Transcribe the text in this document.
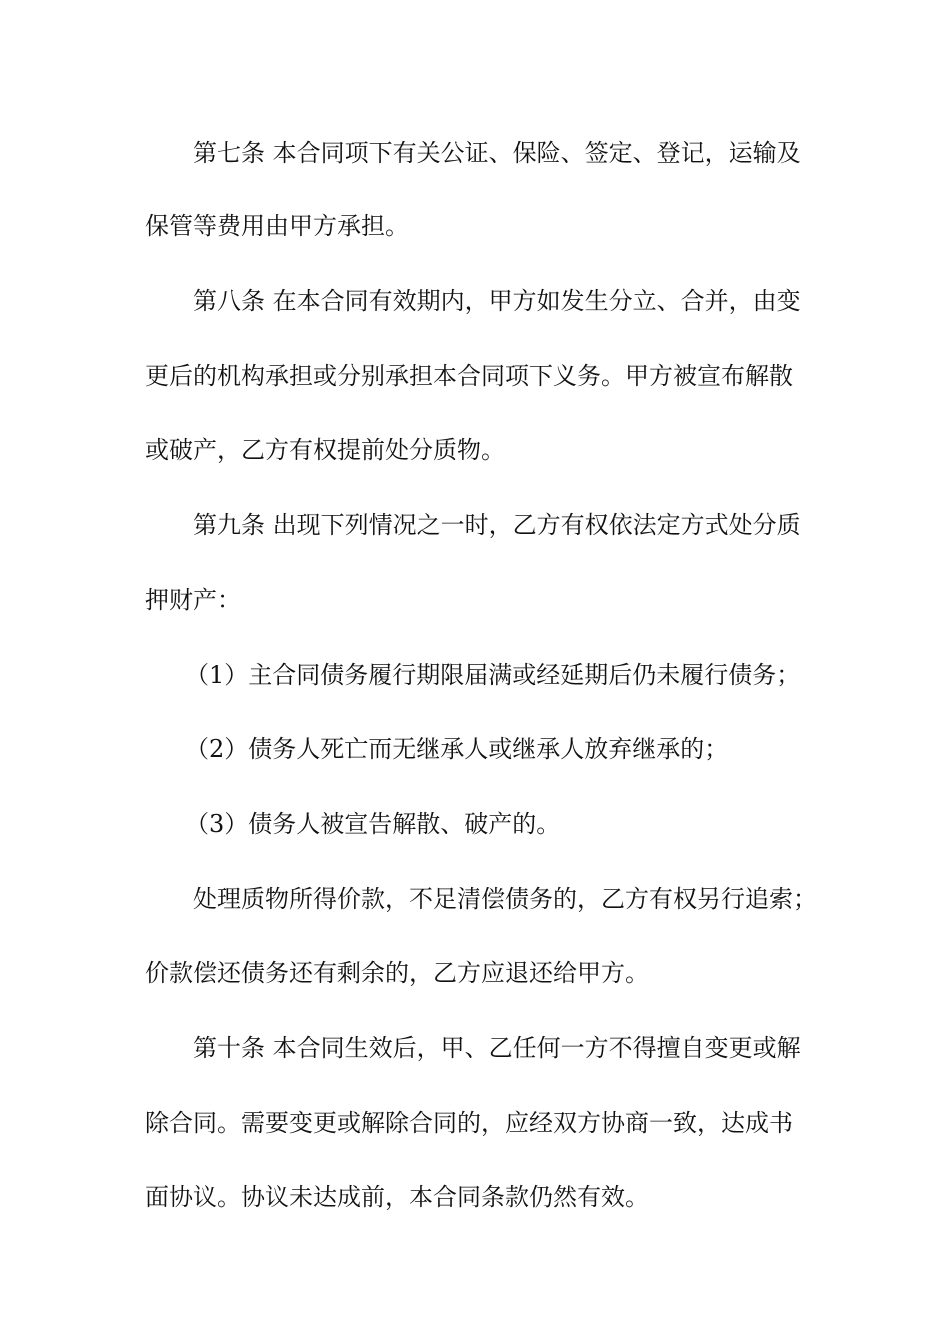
第七条 本合同项下有关公证、保险、签定、登记，运输及
保管等费用由甲方承担。
第八条 在本合同有效期内，甲方如发生分立、合并，由变
更后的机构承担或分别承担本合同项下义务。甲方被宣布解散
或破产，乙方有权提前处分质物。
第九条 出现下列情况之一时，乙方有权依法定方式处分质
押财产：
（1）主合同债务履行期限届满或经延期后仍未履行债务；
（2）债务人死亡而无继承人或继承人放弃继承的；
（3）债务人被宣告解散、破产的。
处理质物所得价款，不足清偿债务的，乙方有权另行追索；
价款偿还债务还有剩余的，乙方应退还给甲方。
第十条 本合同生效后，甲、乙任何一方不得擅自变更或解
除合同。需要变更或解除合同的，应经双方协商一致，达成书
面协议。协议未达成前，本合同条款仍然有效。
